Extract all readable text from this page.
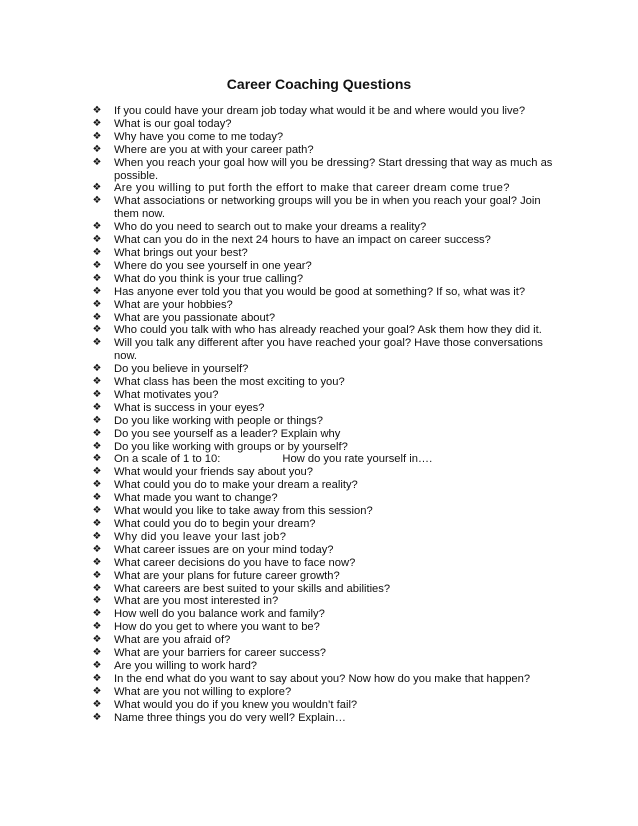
Career Coaching Questions
❖ If you could have your dream job today what would it be and where would you live?
❖ What is our goal today?
❖ Why have you come to me today?
❖ Where are you at with your career path?
❖ When you reach your goal how will you be dressing? Start dressing that way as much as possible.
❖ Are you willing to put forth the effort to make that career dream come true?
❖ What associations or networking groups will you be in when you reach your goal? Join them now.
❖ Who do you need to search out to make your dreams a reality?
❖ What can you do in the next 24 hours to have an impact on career success?
❖ What brings out your best?
❖ Where do you see yourself in one year?
❖ What do you think is your true calling?
❖ Has anyone ever told you that you would be good at something? If so, what was it?
❖ What are your hobbies?
❖ What are you passionate about?
❖ Who could you talk with who has already reached your goal? Ask them how they did it.
❖ Will you talk any different after you have reached your goal? Have those conversations now.
❖ Do you believe in yourself?
❖ What class has been the most exciting to you?
❖ What motivates you?
❖ What is success in your eyes?
❖ Do you like working with people or things?
❖ Do you see yourself as a leader? Explain why
❖ Do you like working with groups or by yourself?
❖ On a scale of 1 to 10:	How do you rate yourself in….
❖ What would your friends say about you?
❖ What could you do to make your dream a reality?
❖ What made you want to change?
❖ What would you like to take away from this session?
❖ What could you do to begin your dream?
❖ Why did you leave your last job?
❖ What career issues are on your mind today?
❖ What career decisions do you have to face now?
❖ What are your plans for future career growth?
❖ What careers are best suited to your skills and abilities?
❖ What are you most interested in?
❖ How well do you balance work and family?
❖ How do you get to where you want to be?
❖ What are you afraid of?
❖ What are your barriers for career success?
❖ Are you willing to work hard?
❖ In the end what do you want to say about you? Now how do you make that happen?
❖ What are you not willing to explore?
❖ What would you do if you knew you wouldn’t fail?
❖ Name three things you do very well? Explain…
